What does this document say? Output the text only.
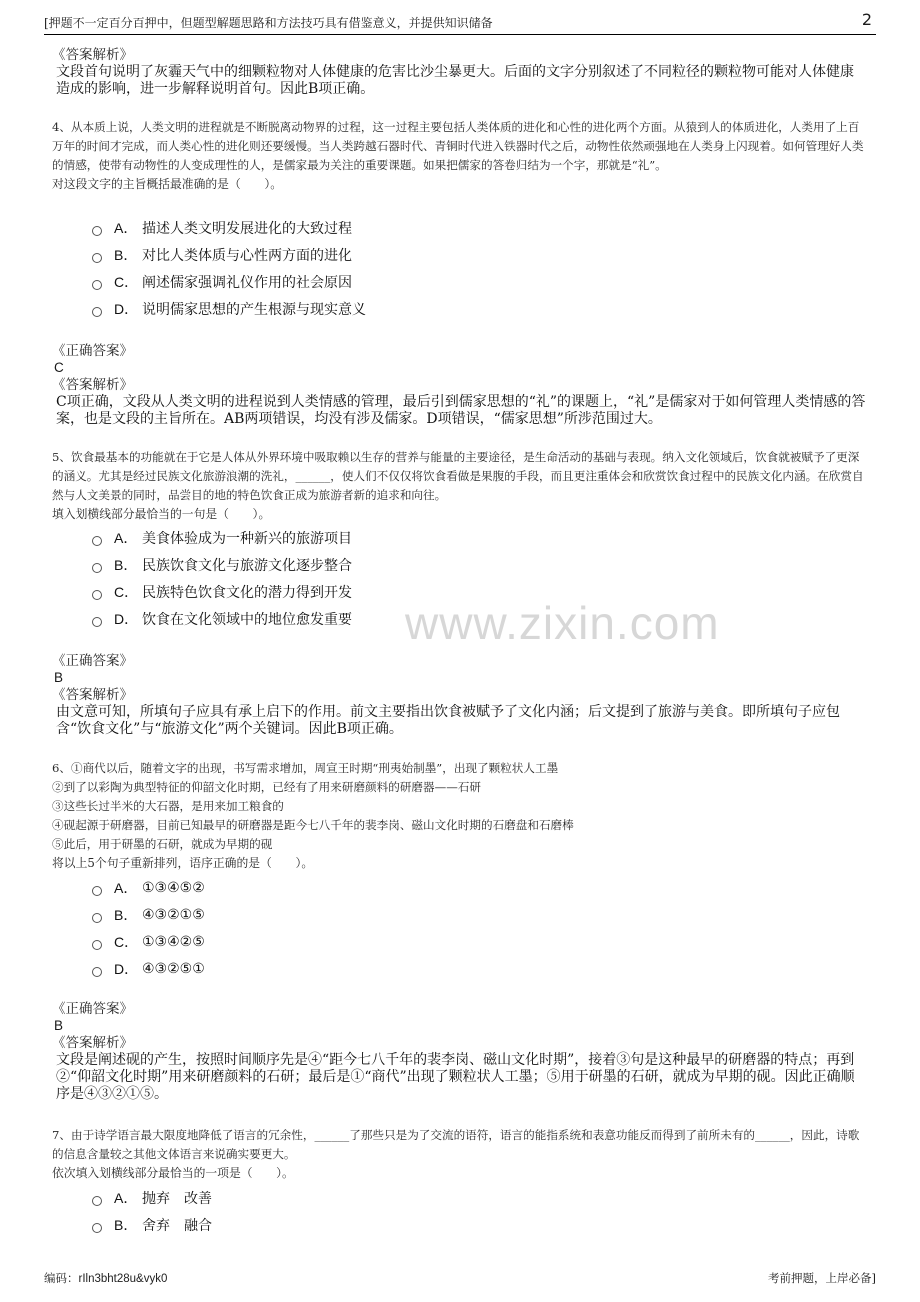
[押题不一定百分百押中，但题型解题思路和方法技巧具有借鉴意义，并提供知识储备	2
www.zixin.com
《答案解析》

文段首句说明了灰霾天气中的细颗粒物对人体健康的危害比沙尘暴更大。后面的文字分别叙述了不同粒径的颗粒物可能对人体健康造成的影响，进一步解释说明首句。因此B项正确。

4、从本质上说，人类文明的进程就是不断脱离动物界的过程，这一过程主要包括人类体质的进化和心性的进化两个方面。从猿到人的体质进化，人类用了上百万年的时间才完成，而人类心性的进化则还要缓慢。当人类跨越石器时代、青铜时代进入铁器时代之后，动物性依然顽强地在人类身上闪现着。如何管理好人类的情感，使带有动物性的人变成理性的人，是儒家最为关注的重要课题。如果把儒家的答卷归结为一个字，那就是“礼”。

对这段文字的主旨概括最准确的是（　　）。

A． 描述人类文明发展进化的大致过程
B． 对比人类体质与心性两方面的进化
C． 阐述儒家强调礼仪作用的社会原因
D． 说明儒家思想的产生根源与现实意义
《正确答案》
C
《答案解析》

C项正确，文段从人类文明的进程说到人类情感的管理，最后引到儒家思想的“礼”的课题上，“礼”是儒家对于如何管理人类情感的答案，也是文段的主旨所在。AB两项错误，均没有涉及儒家。D项错误，“儒家思想”所涉范围过大。

5、饮食最基本的功能就在于它是人体从外界环境中吸取赖以生存的营养与能量的主要途径，是生命活动的基础与表现。纳入文化领域后，饮食就被赋予了更深的涵义。尤其是经过民族文化旅游浪潮的洗礼，______，使人们不仅仅将饮食看做是果腹的手段，而且更注重体会和欣赏饮食过程中的民族文化内涵。在欣赏自然与人文美景的同时，品尝目的地的特色饮食正成为旅游者新的追求和向往。

填入划横线部分最恰当的一句是（　　）。

A． 美食体验成为一种新兴的旅游项目
B． 民族饮食文化与旅游文化逐步整合
C． 民族特色饮食文化的潜力得到开发
D． 饮食在文化领域中的地位愈发重要
《正确答案》
B
《答案解析》

由文意可知，所填句子应具有承上启下的作用。前文主要指出饮食被赋予了文化内涵；后文提到了旅游与美食。即所填句子应包含“饮食文化”与“旅游文化”两个关键词。因此B项正确。

6、①商代以后，随着文字的出现，书写需求增加，周宣王时期“刑夷始制墨”，出现了颗粒状人工墨

②到了以彩陶为典型特征的仰韶文化时期，已经有了用来研磨颜料的研磨器——石研

③这些长过半米的大石器，是用来加工粮食的

④砚起源于研磨器，目前已知最早的研磨器是距今七八千年的裴李岗、磁山文化时期的石磨盘和石磨棒

⑤此后，用于研墨的石研，就成为早期的砚

将以上5个句子重新排列，语序正确的是（　　）。

A． ①③④⑤②
B． ④③②①⑤
C． ①③④②⑤
D． ④③②⑤①
《正确答案》
B
《答案解析》

文段是阐述砚的产生，按照时间顺序先是④“距今七八千年的裴李岗、磁山文化时期”，接着③句是这种最早的研磨器的特点；再到②“仰韶文化时期”用来研磨颜料的石研；最后是①“商代”出现了颗粒状人工墨；⑤用于研墨的石研，就成为早期的砚。因此正确顺序是④③②①⑤。

7、由于诗学语言最大限度地降低了语言的冗余性，______了那些只是为了交流的语符，语言的能指系统和表意功能反而得到了前所未有的______，因此，诗歌的信息含量较之其他文体语言来说确实要更大。

依次填入划横线部分最恰当的一项是（　　）。

A． 抛弃　改善
B． 舍弃　融合
编码：rIln3bht28u&vyk0	考前押题，上岸必备]
